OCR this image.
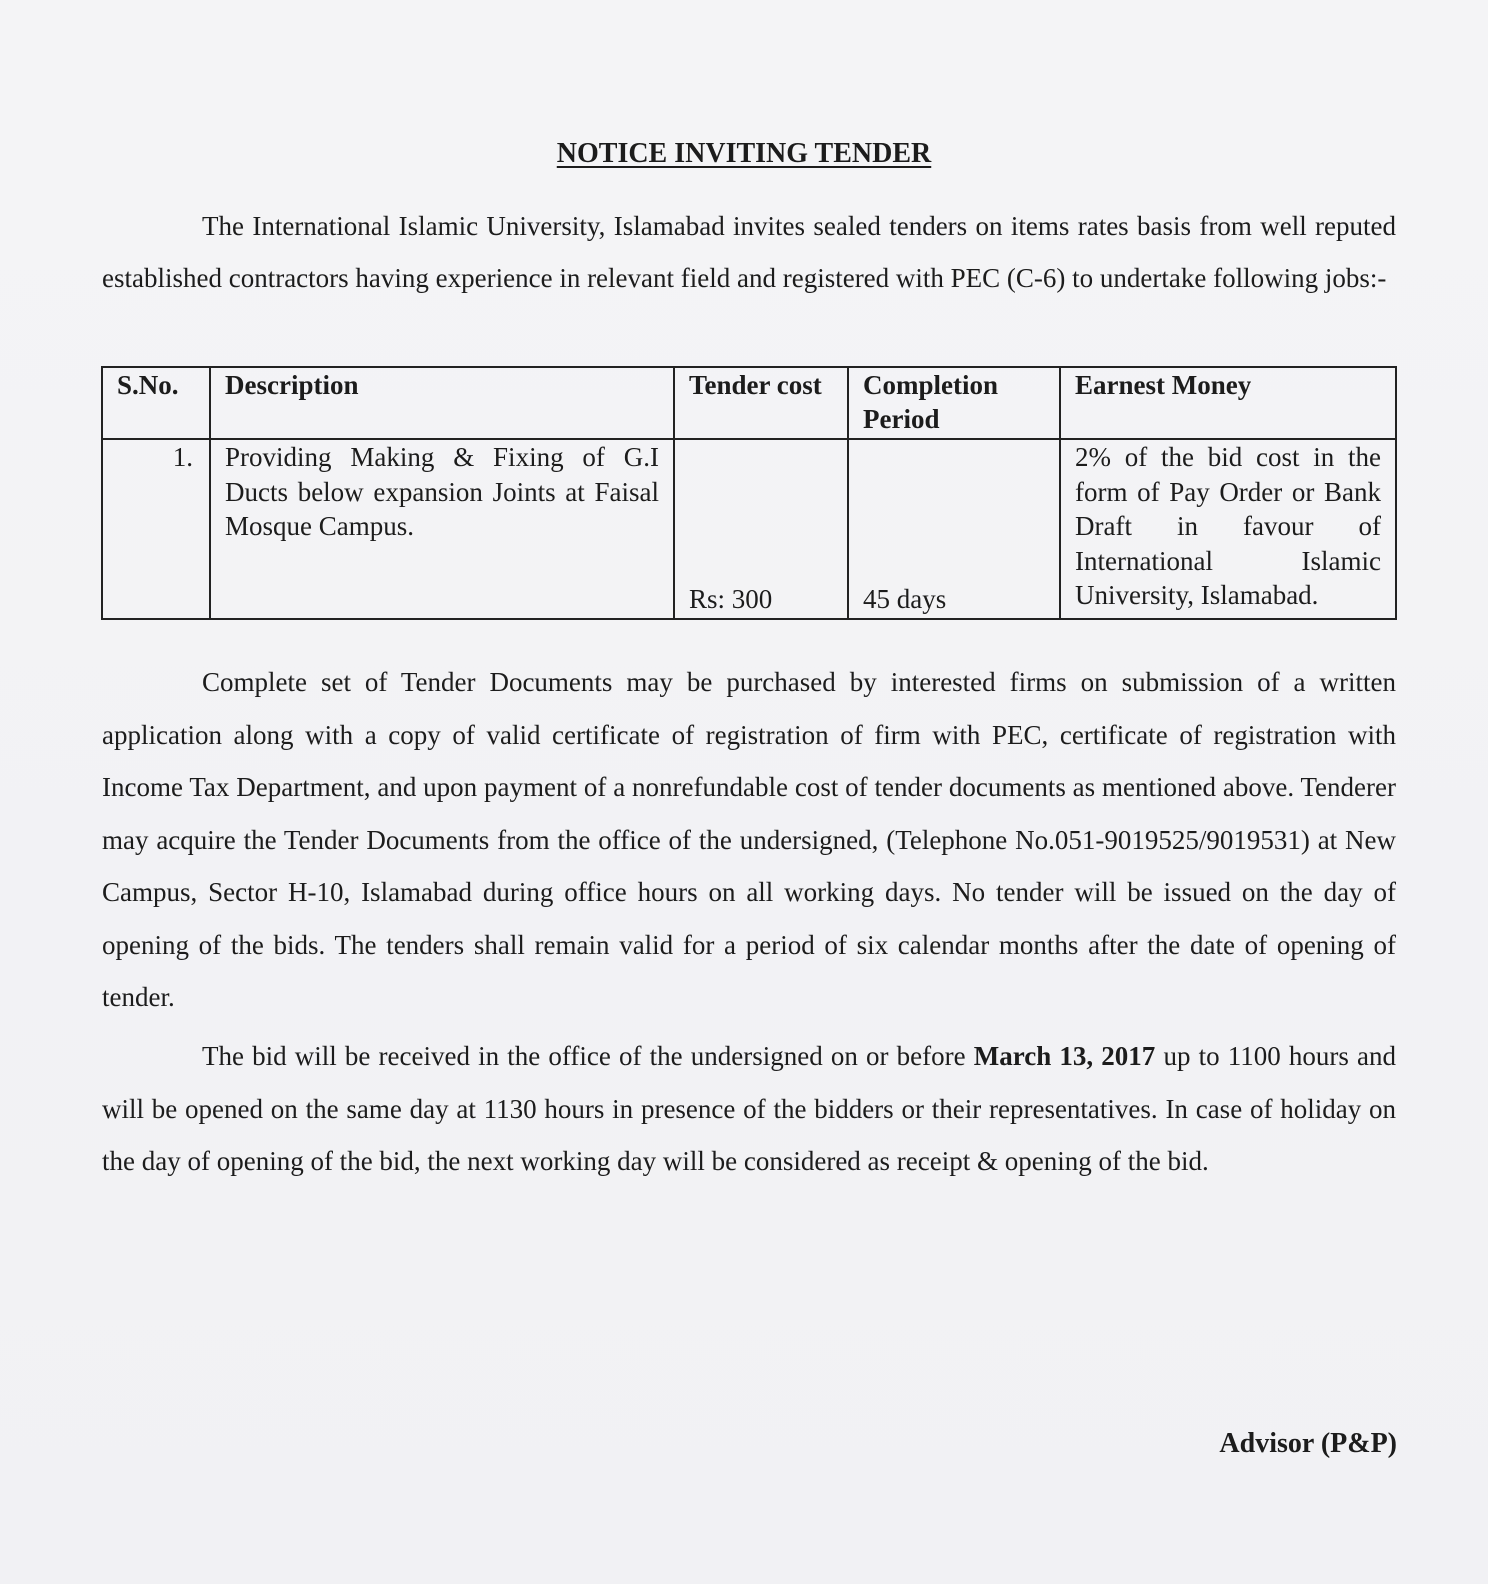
NOTICE INVITING TENDER

The International Islamic University, Islamabad invites sealed tenders on items rates basis from well reputed established contractors having experience in relevant field and registered with PEC (C-6) to undertake following jobs:-

S.No.	Description	Tender cost	Completion Period	Earnest Money
1.	Providing Making & Fixing of G.I Ducts below expansion Joints at Faisal Mosque Campus.	Rs: 300	45 days	2% of the bid cost in the form of Pay Order or Bank Draft in favour of International Islamic University, Islamabad.

Complete set of Tender Documents may be purchased by interested firms on submission of a written application along with a copy of valid certificate of registration of firm with PEC, certificate of registration with Income Tax Department, and upon payment of a nonrefundable cost of tender documents as mentioned above. Tenderer may acquire the Tender Documents from the office of the undersigned, (Telephone No.051-9019525/9019531) at New Campus, Sector H-10, Islamabad during office hours on all working days. No tender will be issued on the day of opening of the bids. The tenders shall remain valid for a period of six calendar months after the date of opening of tender.

The bid will be received in the office of the undersigned on or before March 13, 2017 up to 1100 hours and will be opened on the same day at 1130 hours in presence of the bidders or their representatives. In case of holiday on the day of opening of the bid, the next working day will be considered as receipt & opening of the bid.

Advisor (P&P)
